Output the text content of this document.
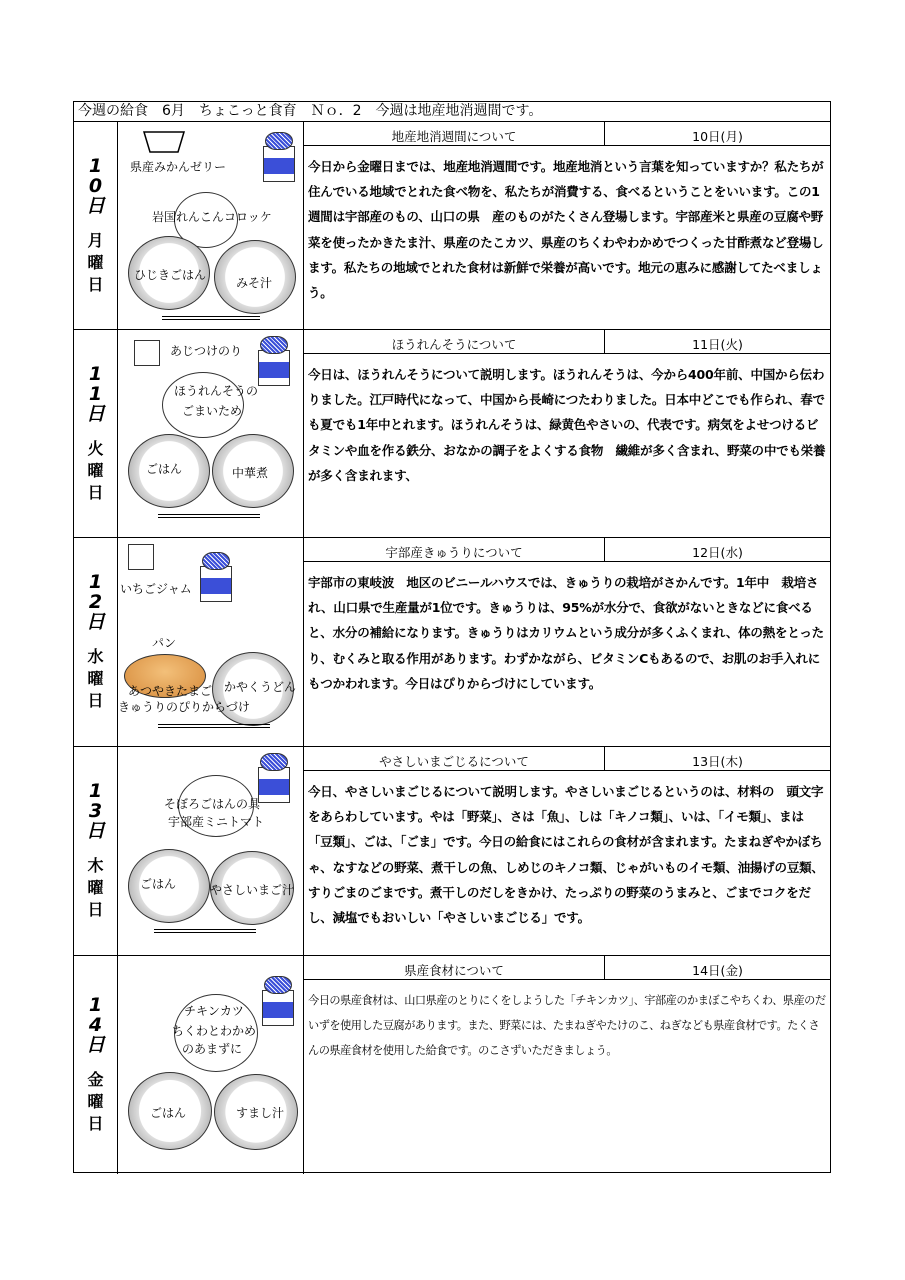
今週の給食　6月　ちょこっと食育　Ｎｏ．2　今週は地産地消週間です。
1
0
日
月
曜
日
県産みかんゼリー
岩国れんこんコロッケ
ひじきごはん
みそ汁
地産地消週間について	10日(月)
今日から金曜日までは、地産地消週間です。地産地消という言葉を知っていますか？私たちが住んでいる地域でとれた食べ物を、私たちが消費する、食べるということをいいます。この1週間は宇部産のもの、山口の県　産のものがたくさん登場します。宇部産米と県産の豆腐や野菜を使ったかきたま汁、県産のたこカツ、県産のちくわやわかめでつくった甘酢煮など登場します。私たちの地域でとれた食材は新鮮で栄養が高いです。地元の恵みに感謝してたべましょう。
1
1
日
火
曜
日
あじつけのり
ほうれんそうの
ごまいため
ごはん	中華煮
ほうれんそうについて	11日(火)
今日は、ほうれんそうについて説明します。ほうれんそうは、今から400年前、中国から伝わりました。江戸時代になって、中国から長崎につたわりました。日本中どこでも作られ、春でも夏でも1年中とれます。ほうれんそうは、緑黄色やさいの、代表です。病気をよせつけるビタミンや血を作る鉄分、おなかの調子をよくする食物　繊維が多く含まれ、野菜の中でも栄養が多く含まれます、
1
2
日
水
曜
日
いちごジャム
パン
あつやきたまご かやくうどん
きゅうりのぴりからづけ
宇部産きゅうりについて	12日(水)
宇部市の東岐波　地区のビニールハウスでは、きゅうりの栽培がさかんです。1年中　栽培され、山口県で生産量が1位です。きゅうりは、95%が水分で、食欲がないときなどに食べると、水分の補給になります。きゅうりはカリウムという成分が多くふくまれ、体の熱をとったり、むくみと取る作用があります。わずかながら、ビタミンCもあるので、お肌のお手入れにもつかわれます。今日はぴりからづけにしています。
1
3
日
木
曜
日
そぼろごはんの具
宇部産ミニトマト
ごはん	やさしいまご汁
やさしいまごじるについて	13日(木)
今日、やさしいまごじるについて説明します。やさしいまごじるというのは、材料の　頭文字をあらわしています。やは「野菜」、さは「魚」、しは「キノコ類」、いは、「イモ類」、まは「豆類」、ごは、「ごま」です。今日の給食にはこれらの食材が含まれます。たまねぎやかぼちゃ、なすなどの野菜、煮干しの魚、しめじのキノコ類、じゃがいものイモ類、油揚げの豆類、すりごまのごまです。煮干しのだしをきかけ、たっぷりの野菜のうまみと、ごまでコクをだし、減塩でもおいしい「やさしいまごじる」です。
1
4
日
金
曜
日
チキンカツ
ちくわとわかめ
のあまずに
ごはん	すまし汁
県産食材について	14日(金)
今日の県産食材は、山口県産のとりにくをしようした「チキンカツ」、宇部産のかまぼこやちくわ、県産のだいずを使用した豆腐があります。また、野菜には、たまねぎやたけのこ、ねぎなども県産食材です。たくさんの県産食材を使用した給食です。のこさずいただきましょう。
